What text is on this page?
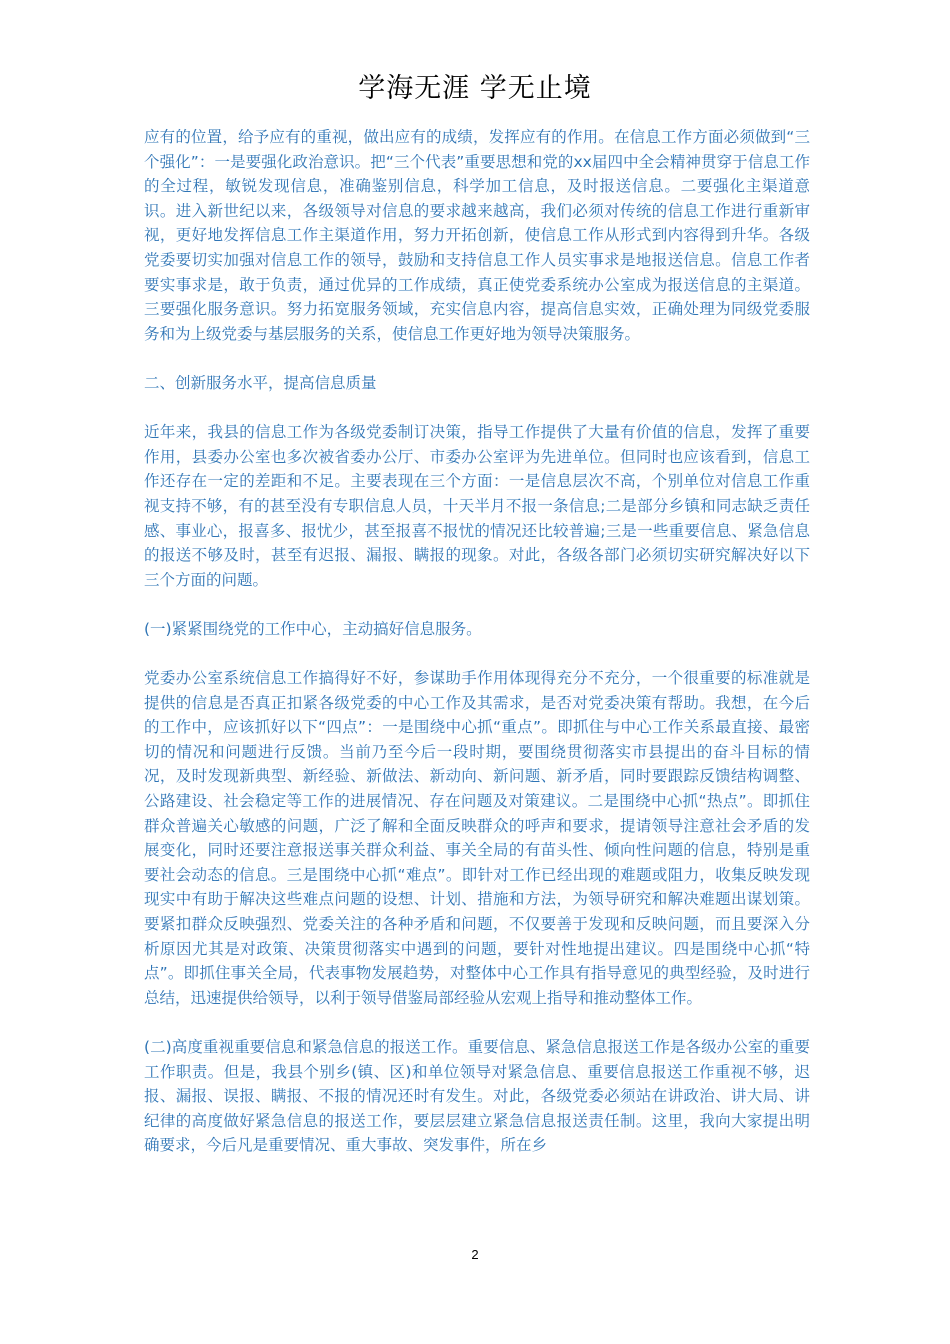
学海无涯 学无止境

应有的位置，给予应有的重视，做出应有的成绩，发挥应有的作用。在信息工作方面必须做到“三个强化”：一是要强化政治意识。把“三个代表”重要思想和党的xx届四中全会精神贯穿于信息工作的全过程，敏锐发现信息，准确鉴别信息，科学加工信息，及时报送信息。二要强化主渠道意识。进入新世纪以来，各级领导对信息的要求越来越高，我们必须对传统的信息工作进行重新审视，更好地发挥信息工作主渠道作用，努力开拓创新，使信息工作从形式到内容得到升华。各级党委要切实加强对信息工作的领导，鼓励和支持信息工作人员实事求是地报送信息。信息工作者要实事求是，敢于负责，通过优异的工作成绩，真正使党委系统办公室成为报送信息的主渠道。三要强化服务意识。努力拓宽服务领域，充实信息内容，提高信息实效，正确处理为同级党委服务和为上级党委与基层服务的关系，使信息工作更好地为领导决策服务。

二、创新服务水平，提高信息质量

近年来，我县的信息工作为各级党委制订决策，指导工作提供了大量有价值的信息，发挥了重要作用，县委办公室也多次被省委办公厅、市委办公室评为先进单位。但同时也应该看到，信息工作还存在一定的差距和不足。主要表现在三个方面：一是信息层次不高，个别单位对信息工作重视支持不够，有的甚至没有专职信息人员，十天半月不报一条信息;二是部分乡镇和同志缺乏责任感、事业心，报喜多、报忧少，甚至报喜不报忧的情况还比较普遍;三是一些重要信息、紧急信息的报送不够及时，甚至有迟报、漏报、瞒报的现象。对此，各级各部门必须切实研究解决好以下三个方面的问题。

(一)紧紧围绕党的工作中心，主动搞好信息服务。

党委办公室系统信息工作搞得好不好，参谋助手作用体现得充分不充分，一个很重要的标准就是提供的信息是否真正扣紧各级党委的中心工作及其需求，是否对党委决策有帮助。我想，在今后的工作中，应该抓好以下“四点”：一是围绕中心抓“重点”。即抓住与中心工作关系最直接、最密切的情况和问题进行反馈。当前乃至今后一段时期，要围绕贯彻落实市县提出的奋斗目标的情况，及时发现新典型、新经验、新做法、新动向、新问题、新矛盾，同时要跟踪反馈结构调整、公路建设、社会稳定等工作的进展情况、存在问题及对策建议。二是围绕中心抓“热点”。即抓住群众普遍关心敏感的问题，广泛了解和全面反映群众的呼声和要求，提请领导注意社会矛盾的发展变化，同时还要注意报送事关群众利益、事关全局的有苗头性、倾向性问题的信息，特别是重要社会动态的信息。三是围绕中心抓“难点”。即针对工作已经出现的难题或阻力，收集反映发现现实中有助于解决这些难点问题的设想、计划、措施和方法，为领导研究和解决难题出谋划策。要紧扣群众反映强烈、党委关注的各种矛盾和问题，不仅要善于发现和反映问题，而且要深入分析原因尤其是对政策、决策贯彻落实中遇到的问题，要针对性地提出建议。四是围绕中心抓“特点”。即抓住事关全局，代表事物发展趋势，对整体中心工作具有指导意见的典型经验，及时进行总结，迅速提供给领导，以利于领导借鉴局部经验从宏观上指导和推动整体工作。

(二)高度重视重要信息和紧急信息的报送工作。重要信息、紧急信息报送工作是各级办公室的重要工作职责。但是，我县个别乡(镇、区)和单位领导对紧急信息、重要信息报送工作重视不够，迟报、漏报、误报、瞒报、不报的情况还时有发生。对此，各级党委必须站在讲政治、讲大局、讲纪律的高度做好紧急信息的报送工作，要层层建立紧急信息报送责任制。这里，我向大家提出明确要求，今后凡是重要情况、重大事故、突发事件，所在乡

2
